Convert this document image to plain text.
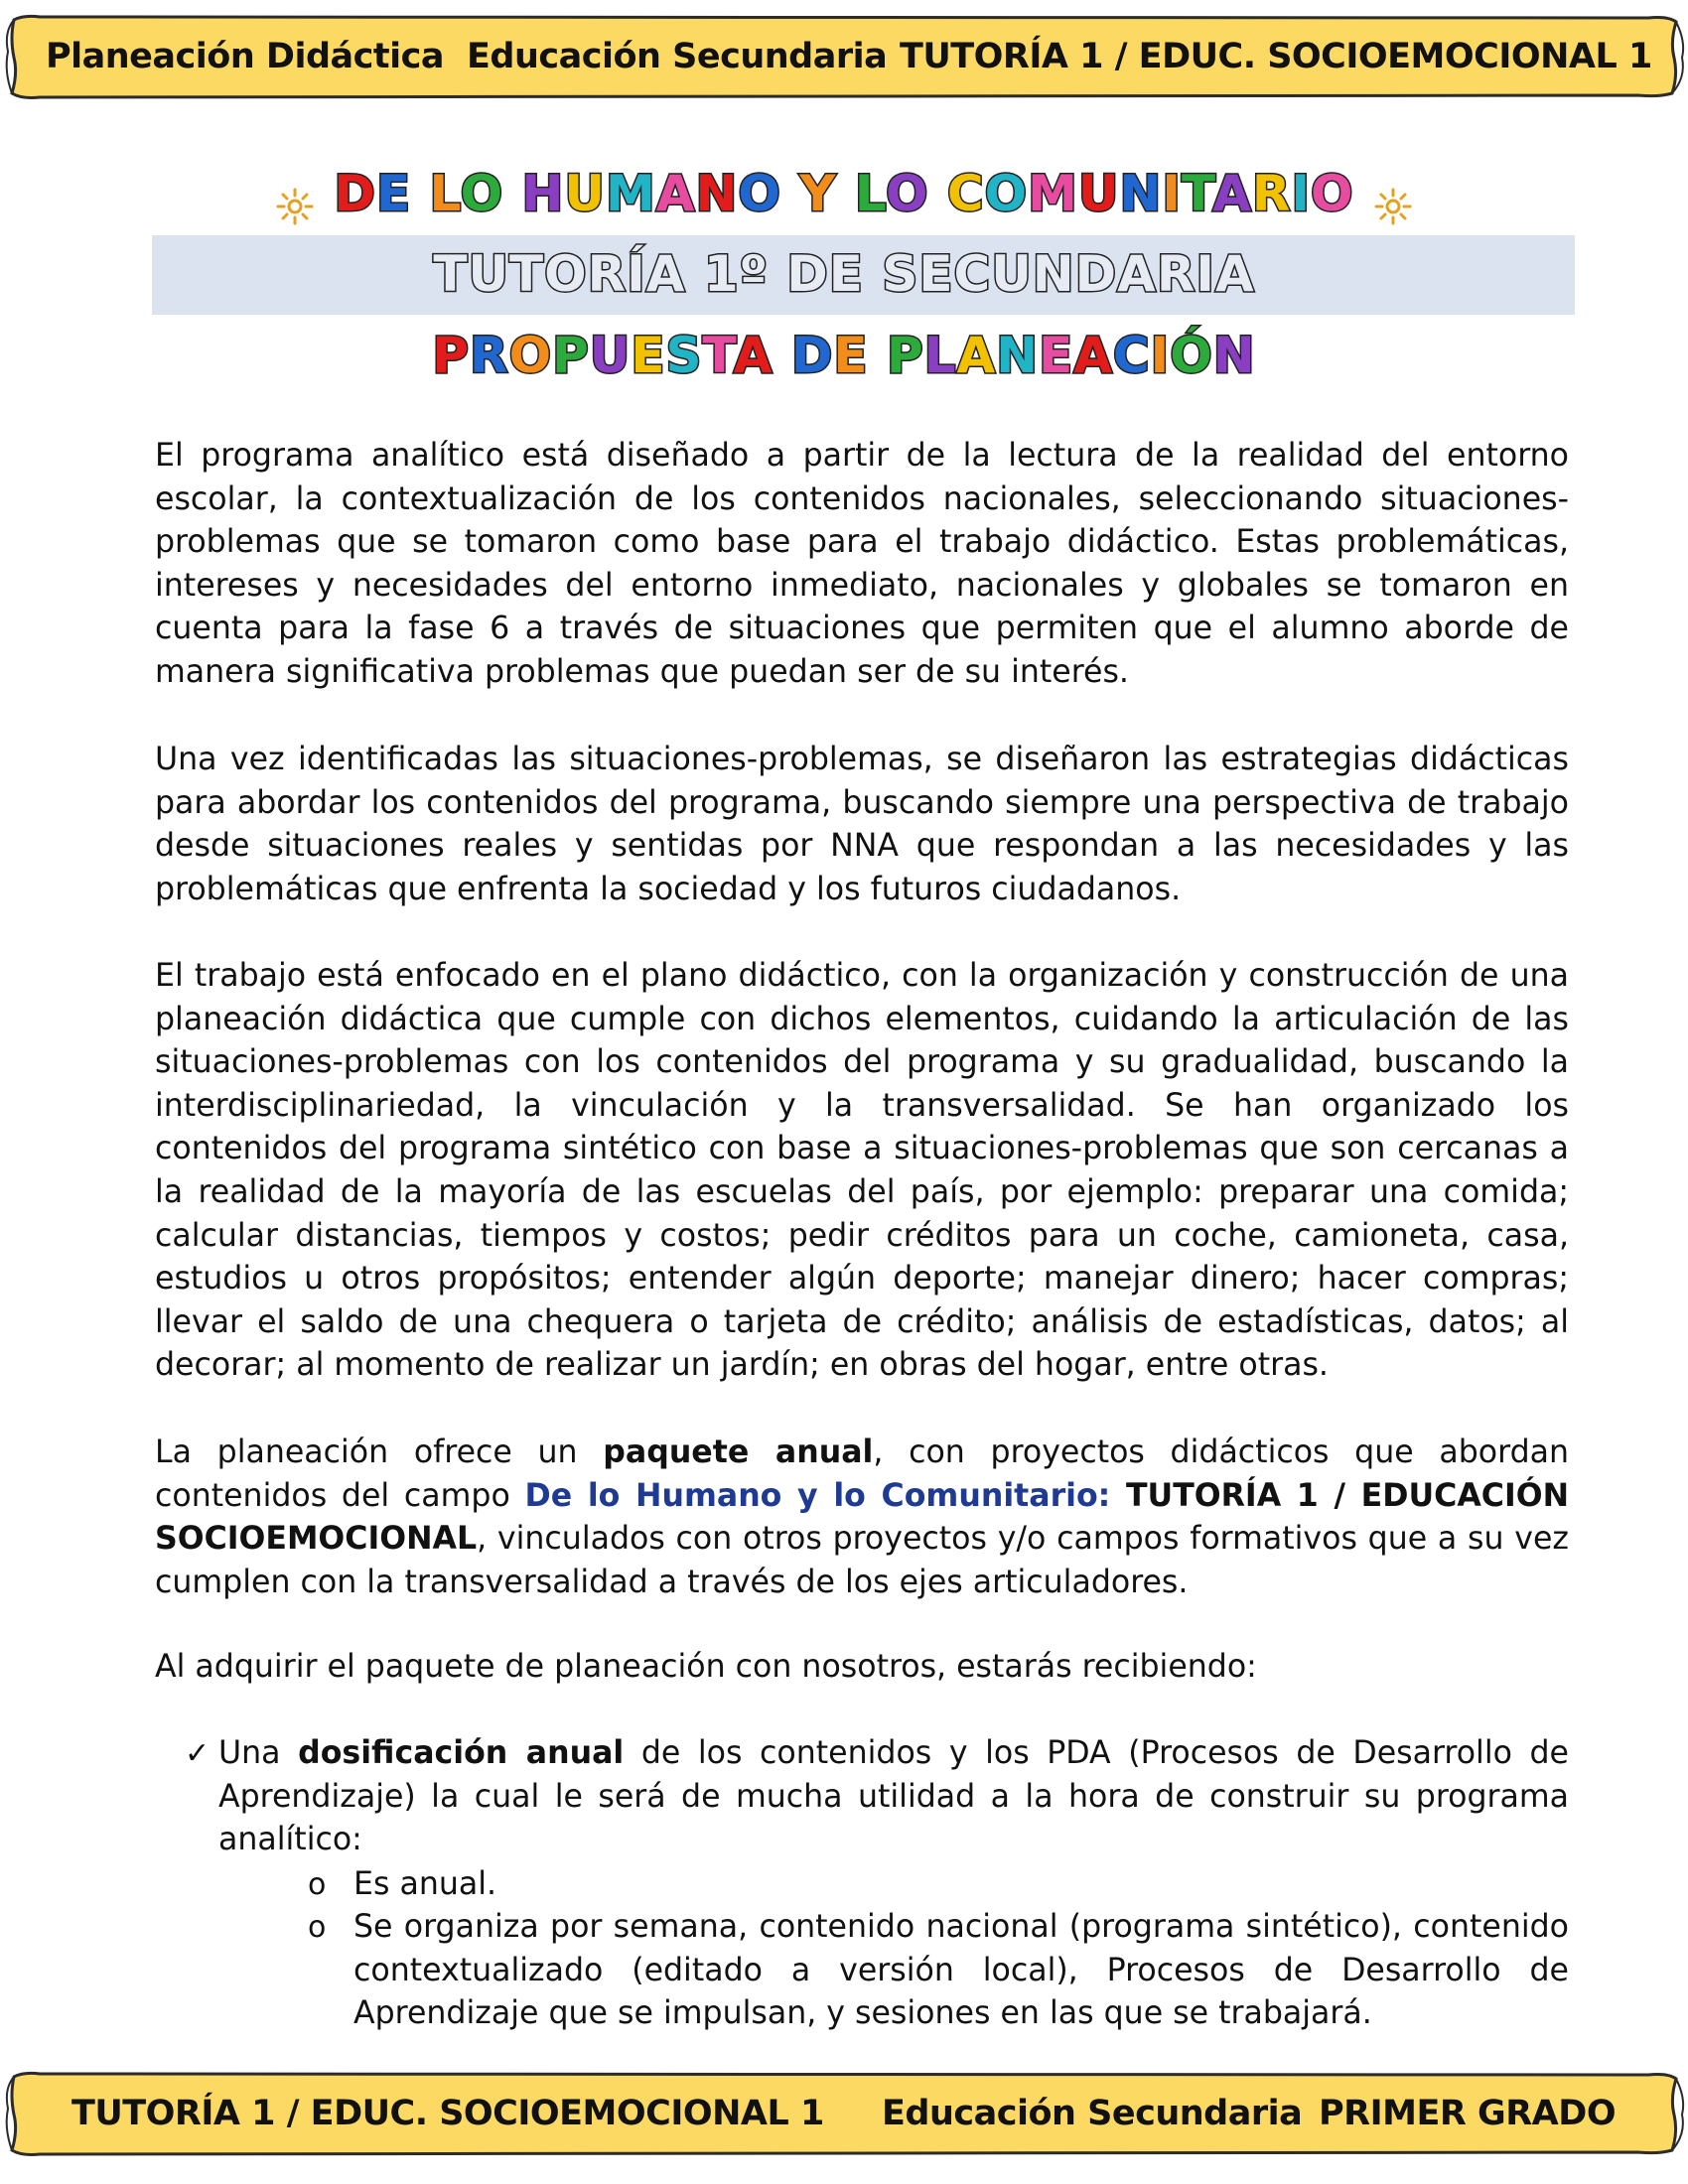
Planeación Didáctica Educación Secundaria TUTORÍA 1 / EDUC. SOCIOEMOCIONAL 1
DE LO HUMANO Y LO COMUNITARIO
TUTORÍA 1º DE SECUNDARIA
PROPUESTA DE PLANEACIÓN
El programa analítico está diseñado a partir de la lectura de la realidad del entorno escolar, la contextualización de los contenidos nacionales, seleccionando situaciones-problemas que se tomaron como base para el trabajo didáctico. Estas problemáticas, intereses y necesidades del entorno inmediato, nacionales y globales se tomaron en cuenta para la fase 6 a través de situaciones que permiten que el alumno aborde de manera significativa problemas que puedan ser de su interés.
Una vez identificadas las situaciones-problemas, se diseñaron las estrategias didácticas para abordar los contenidos del programa, buscando siempre una perspectiva de trabajo desde situaciones reales y sentidas por NNA que respondan a las necesidades y las problemáticas que enfrenta la sociedad y los futuros ciudadanos.
El trabajo está enfocado en el plano didáctico, con la organización y construcción de una planeación didáctica que cumple con dichos elementos, cuidando la articulación de las situaciones-problemas con los contenidos del programa y su gradualidad, buscando la interdisciplinariedad, la vinculación y la transversalidad. Se han organizado los contenidos del programa sintético con base a situaciones-problemas que son cercanas a la realidad de la mayoría de las escuelas del país, por ejemplo: preparar una comida; calcular distancias, tiempos y costos; pedir créditos para un coche, camioneta, casa, estudios u otros propósitos; entender algún deporte; manejar dinero; hacer compras; llevar el saldo de una chequera o tarjeta de crédito; análisis de estadísticas, datos; al decorar; al momento de realizar un jardín; en obras del hogar, entre otras.
La planeación ofrece un paquete anual, con proyectos didácticos que abordan contenidos del campo De lo Humano y lo Comunitario: TUTORÍA 1 / EDUCACIÓN SOCIOEMOCIONAL, vinculados con otros proyectos y/o campos formativos que a su vez cumplen con la transversalidad a través de los ejes articuladores.
Al adquirir el paquete de planeación con nosotros, estarás recibiendo:
✓ Una dosificación anual de los contenidos y los PDA (Procesos de Desarrollo de Aprendizaje) la cual le será de mucha utilidad a la hora de construir su programa analítico:
o Es anual.
o Se organiza por semana, contenido nacional (programa sintético), contenido contextualizado (editado a versión local), Procesos de Desarrollo de Aprendizaje que se impulsan, y sesiones en las que se trabajará.
TUTORÍA 1 / EDUC. SOCIOEMOCIONAL 1 Educación Secundaria PRIMER GRADO
